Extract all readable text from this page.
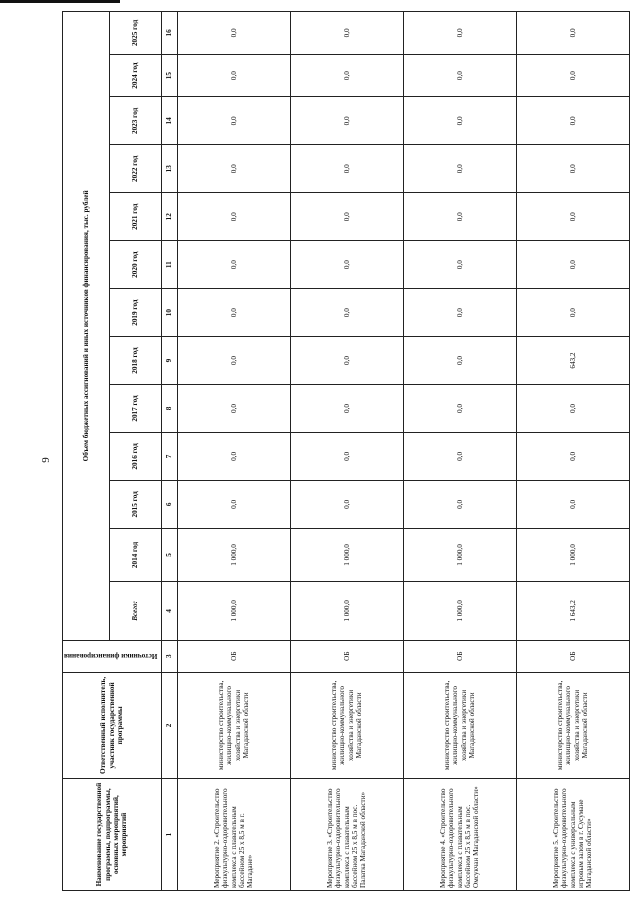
9
Наименование государственной программы, подпрограммы, основных мероприятий, мероприятий	Ответственный исполнитель, участник государственной программы	Источники финансирования	Объем бюджетных ассигнований и иных источников финансирования, тыс. рублей												
			Всего:	2014 год	2015 год	2016 год	2017 год	2018 год	2019 год	2020 год	2021 год	2022 год	2023 год	2024 год	2025 год
1	2	3	4	5	6	7	8	9	10	11	12	13	14	15	16
Мероприятие 2. «Строительство физкультурно-оздоровительного комплекса с плавательным бассейном 25 х 8,5 м в г. Магадане»	министерство строительства, жилищно-коммунального хозяйства и энергетики Магаданской области	ОБ	1 000,0	1 000,0	0,0	0,0	0,0	0,0	0,0	0,0	0,0	0,0	0,0	0,0	0,0
Мероприятие 3. «Строительство физкультурно-оздоровительного комплекса с плавательным бассейном 25 х 8,5 м в пос. Палатка Магаданской области»	министерство строительства, жилищно-коммунального хозяйства и энергетики Магаданской области	ОБ	1 000,0	1 000,0	0,0	0,0	0,0	0,0	0,0	0,0	0,0	0,0	0,0	0,0	0,0
Мероприятие 4. «Строительство физкультурно-оздоровительного комплекса с плавательным бассейном 25 х 8,5 м в пос. Омсукчан Магаданской области»	министерство строительства, жилищно-коммунального хозяйства и энергетики Магаданской области	ОБ	1 000,0	1 000,0	0,0	0,0	0,0	0,0	0,0	0,0	0,0	0,0	0,0	0,0	0,0
Мероприятие 5. «Строительство физкультурно-оздоровительного комплекса с универсальным игровым залом в г. Сусумане Магаданской области»	министерство строительства, жилищно-коммунального хозяйства и энергетики Магаданской области	ОБ	1 643,2	1 000,0	0,0	0,0	0,0	643,2	0,0	0,0	0,0	0,0	0,0	0,0	0,0
